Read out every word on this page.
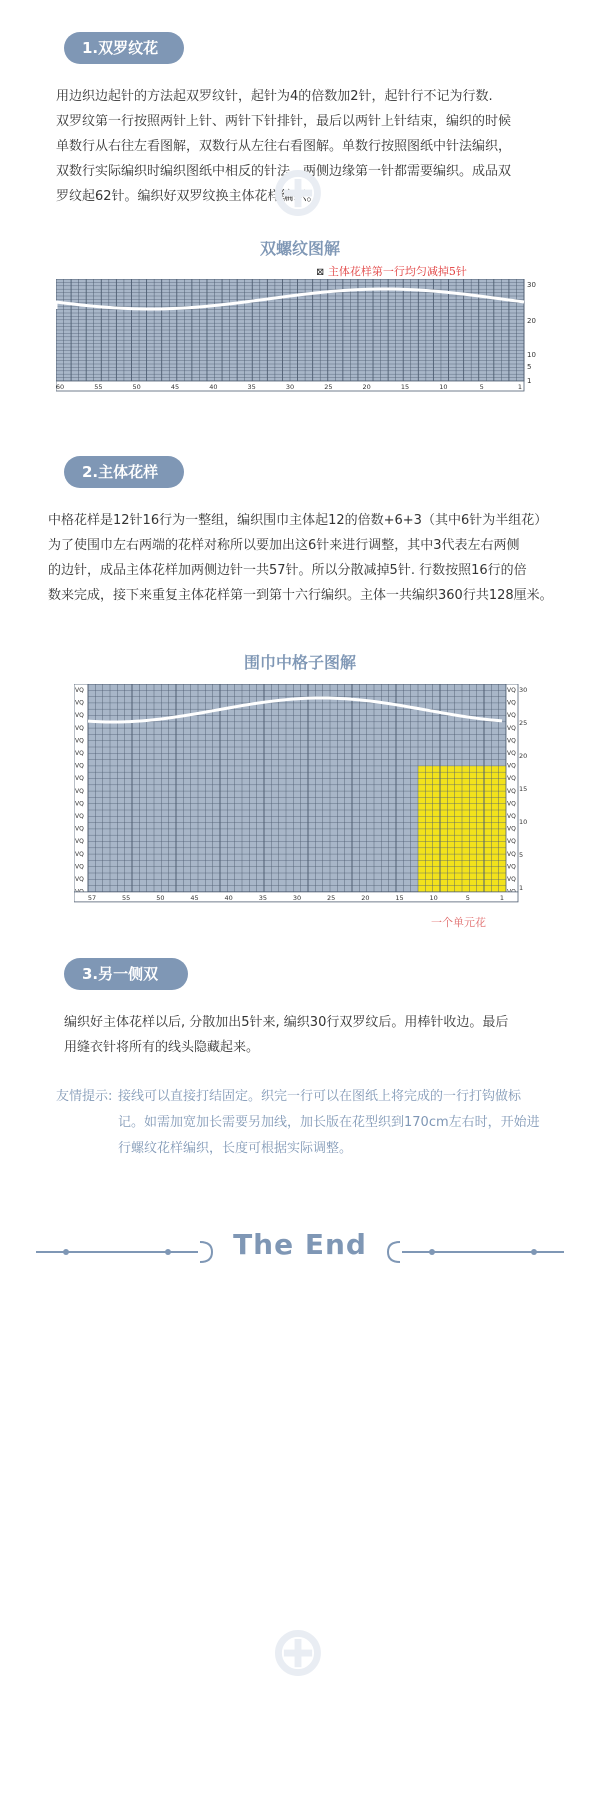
1.双罗纹花样
用边织边起针的方法起双罗纹针，起针为4的倍数加2针，起针行不记为行数.
双罗纹第一行按照两针上针、两针下针排针，最后以两针上针结束，编织的时候
单数行从右往左看图解，双数行从左往右看图解。单数行按照图纸中针法编织，
双数行实际编织时编织图纸中相反的针法，两侧边缘第一针都需要编织。成品双
罗纹起62针。编织好双罗纹换主体花样编织。
双螺纹图解
⊠ 主体花样第一行均匀减掉5针
30
20
10
5
1
60	55	50	45	40	35	30	25	20	15	10	5	1
2.主体花样
中格花样是12针16行为一整组，编织围巾主体起12的倍数+6+3（其中6针为半组花）
为了使围巾左右两端的花样对称所以要加出这6针来进行调整，其中3代表左右两侧
的边针，成品主体花样加两侧边针一共57针。所以分散减掉5针. 行数按照16行的倍
数来完成，接下来重复主体花样第一到第十六行编织。主体一共编织360行共128厘米。
围巾中格子图解
VQ
VQ
VQ
VQ
VQ
VQ
VQ
VQ
VQ
VQ
VQ
VQ
VQ
VQ
VQ
VQ
VQ
VQ
VQ
VQ
VQ
VQ
VQ
VQ
VQ
VQ
VQ
VQ
VQ
VQ
VQ
VQ
30
25
20
15
10
5
1
57	55	50	45	40	35	30	25	20	15	10	5	1
一个单元花
3.另一侧双螺纹
编织好主体花样以后, 分散加出5针来, 编织30行双罗纹后。用棒针收边。最后
用缝衣针将所有的线头隐藏起来。
友情提示: 接线可以直接打结固定。织完一行可以在图纸上将完成的一行打钩做标
记。如需加宽加长需要另加线，加长版在花型织到170cm左右时，开始进
行螺纹花样编织，长度可根据实际调整。
⊕
⊕
The End
